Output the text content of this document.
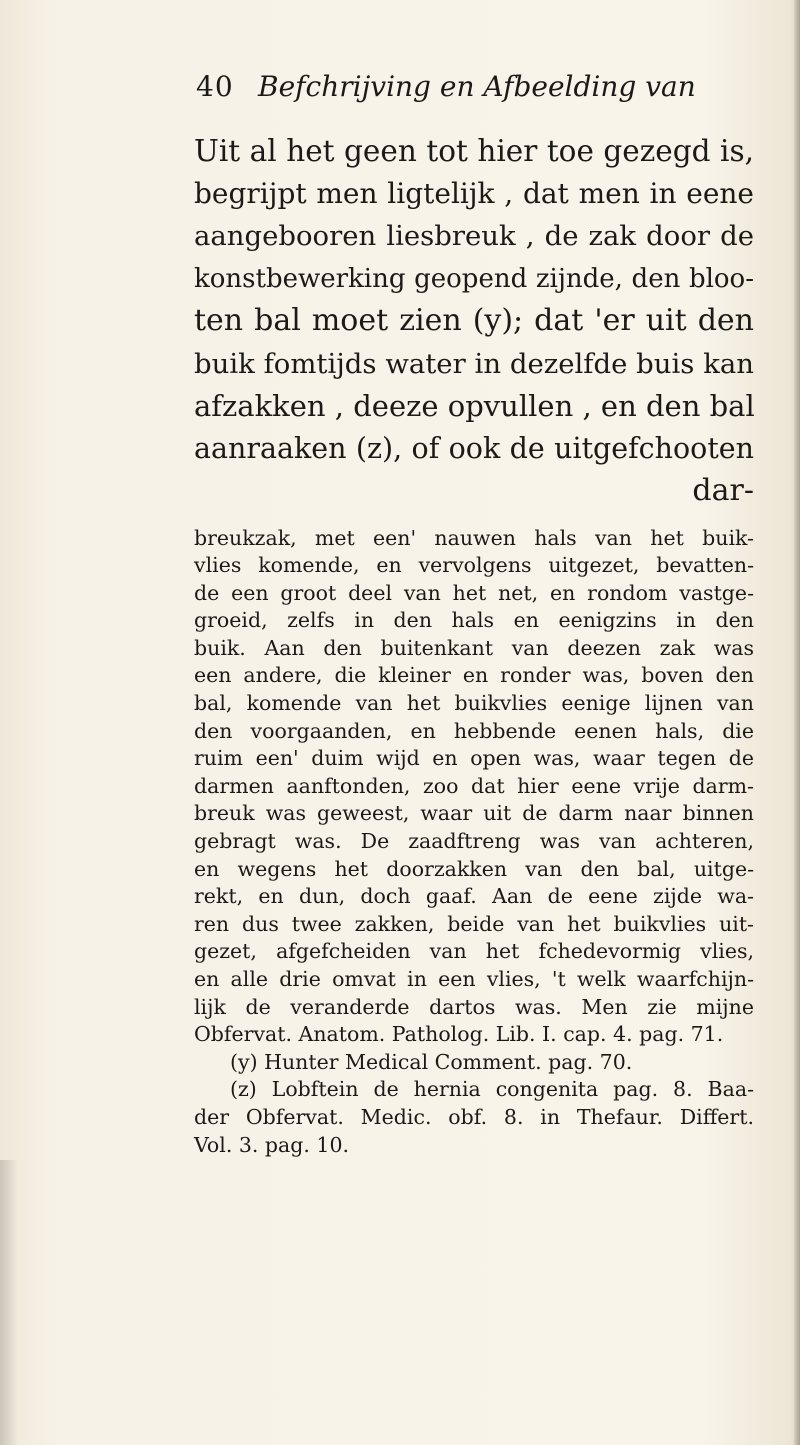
40 Befchrijving en Afbeelding van
Uit al het geen tot hier toe gezegd is,
begrijpt men ligtelijk , dat men in eene
aangebooren liesbreuk , de zak door de
konstbewerking geopend zijnde, den bloo-
ten bal moet zien (y); dat 'er uit den
buik fomtijds water in dezelfde buis kan
afzakken , deeze opvullen , en den bal
aanraaken (z), of ook de uitgefchooten
dar-
breukzak, met een' nauwen hals van het buik-
vlies komende, en vervolgens uitgezet, bevatten-
de een groot deel van het net, en rondom vastge-
groeid, zelfs in den hals en eenigzins in den
buik. Aan den buitenkant van deezen zak was
een andere, die kleiner en ronder was, boven den
bal, komende van het buikvlies eenige lijnen van
den voorgaanden, en hebbende eenen hals, die
ruim een' duim wijd en open was, waar tegen de
darmen aanftonden, zoo dat hier eene vrije darm-
breuk was geweest, waar uit de darm naar binnen
gebragt was. De zaadftreng was van achteren,
en wegens het doorzakken van den bal, uitge-
rekt, en dun, doch gaaf. Aan de eene zijde wa-
ren dus twee zakken, beide van het buikvlies uit-
gezet, afgefcheiden van het fchedevormig vlies,
en alle drie omvat in een vlies, 't welk waarfchijn-
lijk de veranderde dartos was. Men zie mijne
Obfervat. Anatom. Patholog. Lib. I. cap. 4. pag. 71.
(y) Hunter Medical Comment. pag. 70.
(z) Lobftein de hernia congenita pag. 8. Baa-
der Obfervat. Medic. obf. 8. in Thefaur. Differt.
Vol. 3. pag. 10.
